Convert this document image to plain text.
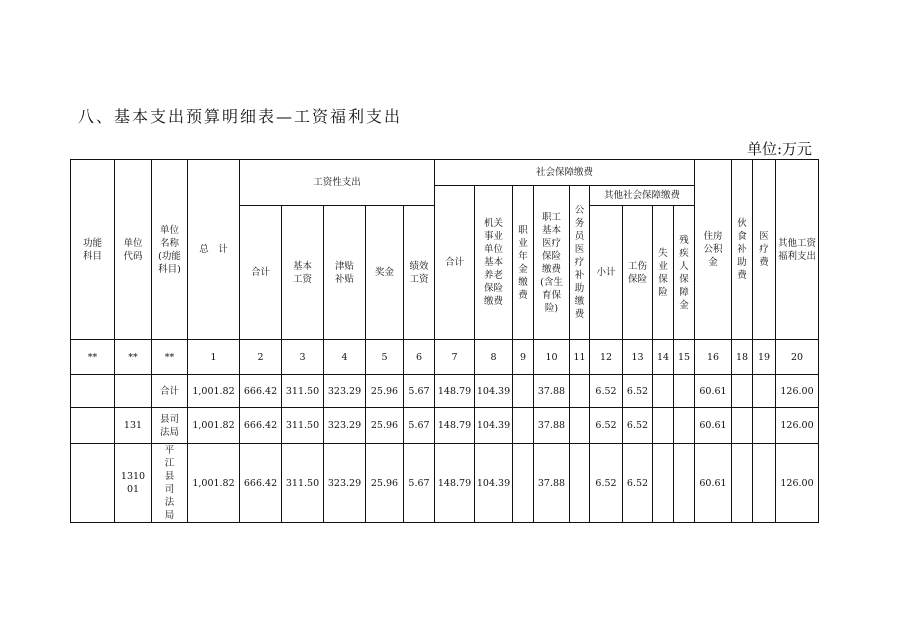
八、基本支出预算明细表—工资福利支出
单位:万元
功能科目	单位代码	单位名称(功能科目)	总　计	工资性支出					社会保障缴费									住房公积金	伙食补助费	医疗费	其他工资福利支出
									合计	机关事业单位基本养老保险缴费	职业年金缴费	职工基本医疗保险缴费(含生育保险)	公务员医疗补助缴费	其他社会保障缴费							
				合计	基本工资	津贴补贴	奖金	绩效工资						小计	工伤保险	失业保险	残疾人保障金				
**	**	**	1	2	3	4	5	6	7	8	9	10	11	12	13	14	15	16	18	19	20
		合计	1,001.82	666.42	311.50	323.29	25.96	5.67	148.79	104.39		37.88		6.52	6.52			60.61			126.00
	131	县司法局	1,001.82	666.42	311.50	323.29	25.96	5.67	148.79	104.39		37.88		6.52	6.52			60.61			126.00
	131001	平江县司法局	1,001.82	666.42	311.50	323.29	25.96	5.67	148.79	104.39		37.88		6.52	6.52			60.61			126.00
